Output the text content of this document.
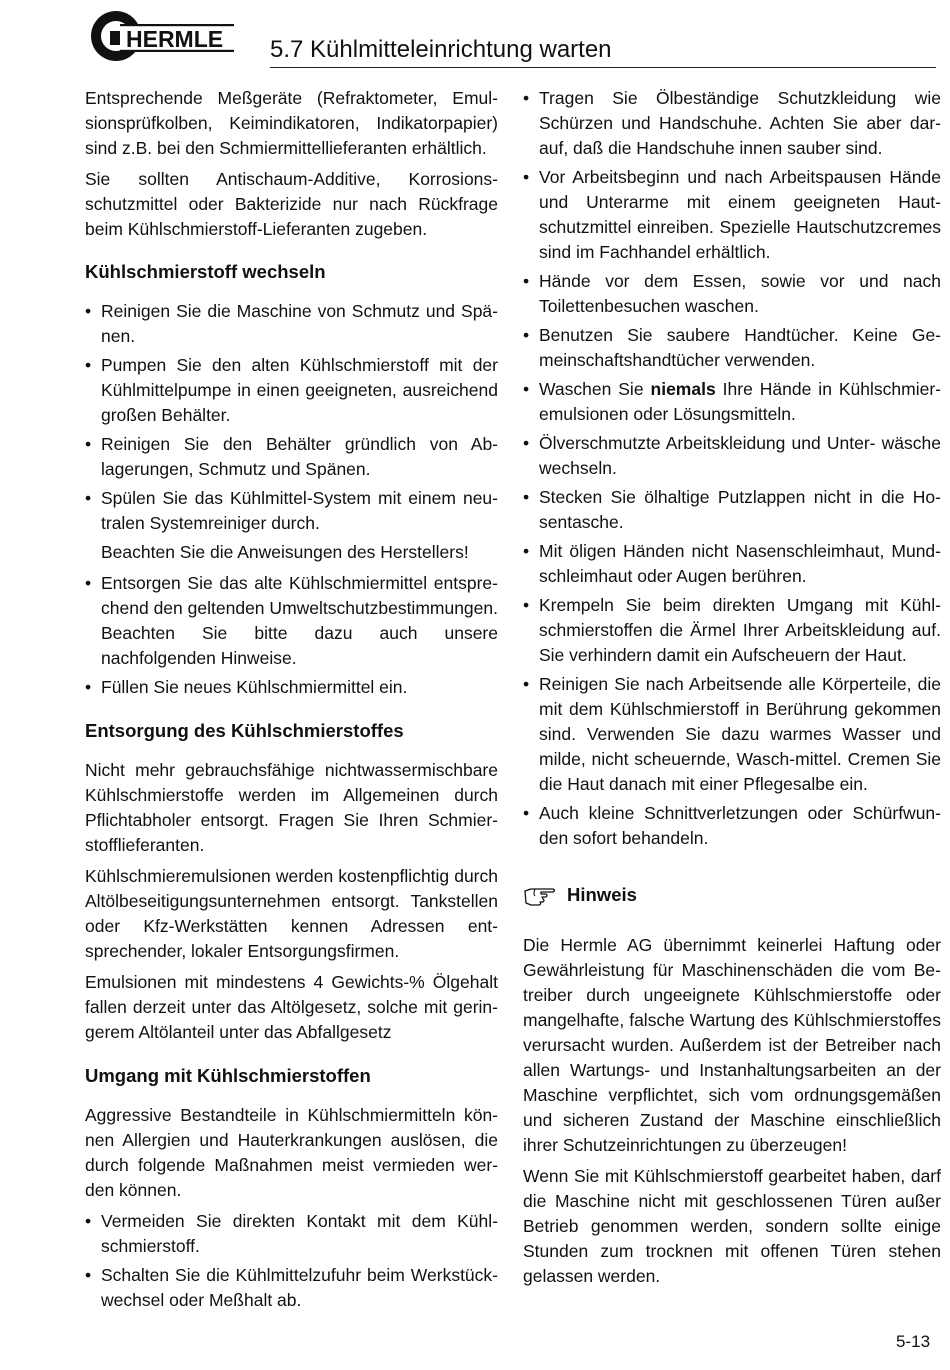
HERMLE 5.7 Kühlmitteleinrichtung warten

Entsprechende Meßgeräte (Refraktometer, Emulsionsprüfkolben, Keimindikatoren, Indikatorpapier) sind z.B. bei den Schmiermittellieferanten erhältlich.

Sie sollten Antischaum-Additive, Korrosionsschutzmittel oder Bakterizide nur nach Rückfrage beim Kühlschmierstoff-Lieferanten zugeben.

Kühlschmierstoff wechseln
• Reinigen Sie die Maschine von Schmutz und Spänen.
• Pumpen Sie den alten Kühlschmierstoff mit der Kühlmittelpumpe in einen geeigneten, ausreichend großen Behälter.
• Reinigen Sie den Behälter gründlich von Ablagerungen, Schmutz und Spänen.
• Spülen Sie das Kühlmittel-System mit einem neutralen Systemreiniger durch.
Beachten Sie die Anweisungen des Herstellers!
• Entsorgen Sie das alte Kühlschmiermittel entsprechend den geltenden Umweltschutzbestimmungen. Beachten Sie bitte dazu auch unsere nachfolgenden Hinweise.
• Füllen Sie neues Kühlschmiermittel ein.
Entsorgung des Kühlschmierstoffes

Nicht mehr gebrauchsfähige nichtwassermischbare Kühlschmierstoffe werden im Allgemeinen durch Pflichtabholer entsorgt. Fragen Sie Ihren Schmierstofflieferanten.

Kühlschmieremulsionen werden kostenpflichtig durch Altölbeseitigungsunternehmen entsorgt. Tankstellen oder Kfz-Werkstätten kennen Adressen entsprechender, lokaler Entsorgungsfirmen.

Emulsionen mit mindestens 4 Gewichts-% Ölgehalt fallen derzeit unter das Altölgesetz, solche mit geringerem Altölanteil unter das Abfallgesetz

Umgang mit Kühlschmierstoffen

Aggressive Bestandteile in Kühlschmiermitteln können Allergien und Hauterkrankungen auslösen, die durch folgende Maßnahmen meist vermieden werden können.

• Vermeiden Sie direkten Kontakt mit dem Kühlschmierstoff.
• Schalten Sie die Kühlmittelzufuhr beim Werkstückwechsel oder Meßhalt ab.
• Tragen Sie Ölbeständige Schutzkleidung wie Schürzen und Handschuhe. Achten Sie aber darauf, daß die Handschuhe innen sauber sind.
• Vor Arbeitsbeginn und nach Arbeitspausen Hände und Unterarme mit einem geeigneten Hautschutzmittel einreiben. Spezielle Hautschutzcremes sind im Fachhandel erhältlich.
• Hände vor dem Essen, sowie vor und nach Toilettenbesuchen waschen.
• Benutzen Sie saubere Handtücher. Keine Gemeinschaftshandtücher verwenden.
• Waschen Sie niemals Ihre Hände in Kühlschmieremulsionen oder Lösungsmitteln.
• Ölverschmutzte Arbeitskleidung und Unter- wäsche wechseln.
• Stecken Sie ölhaltige Putzlappen nicht in die Hosentasche.
• Mit öligen Händen nicht Nasenschleimhaut, Mundschleimhaut oder Augen berühren.
• Krempeln Sie beim direkten Umgang mit Kühlschmierstoffen die Ärmel Ihrer Arbeitskleidung auf. Sie verhindern damit ein Aufscheuern der Haut.
• Reinigen Sie nach Arbeitsende alle Körperteile, die mit dem Kühlschmierstoff in Berührung gekommen sind. Verwenden Sie dazu warmes Wasser und milde, nicht scheuernde, Wasch-mittel. Cremen Sie die Haut danach mit einer Pflegesalbe ein.
• Auch kleine Schnittverletzungen oder Schürfwunden sofort behandeln.
Hinweis

Die Hermle AG übernimmt keinerlei Haftung oder Gewährleistung für Maschinenschäden die vom Betreiber durch ungeeignete Kühlschmierstoffe oder mangelhafte, falsche Wartung des Kühlschmierstoffes verursacht wurden. Außerdem ist der Betreiber nach allen Wartungs- und Instanhaltungsarbeiten an der Maschine verpflichtet, sich vom ordnungsgemäßen und sicheren Zustand der Maschine einschließlich ihrer Schutzeinrichtungen zu überzeugen!

Wenn Sie mit Kühlschmierstoff gearbeitet haben, darf die Maschine nicht mit geschlossenen Türen außer Betrieb genommen werden, sondern sollte einige Stunden zum trocknen mit offenen Türen stehen gelassen werden.

5-13
